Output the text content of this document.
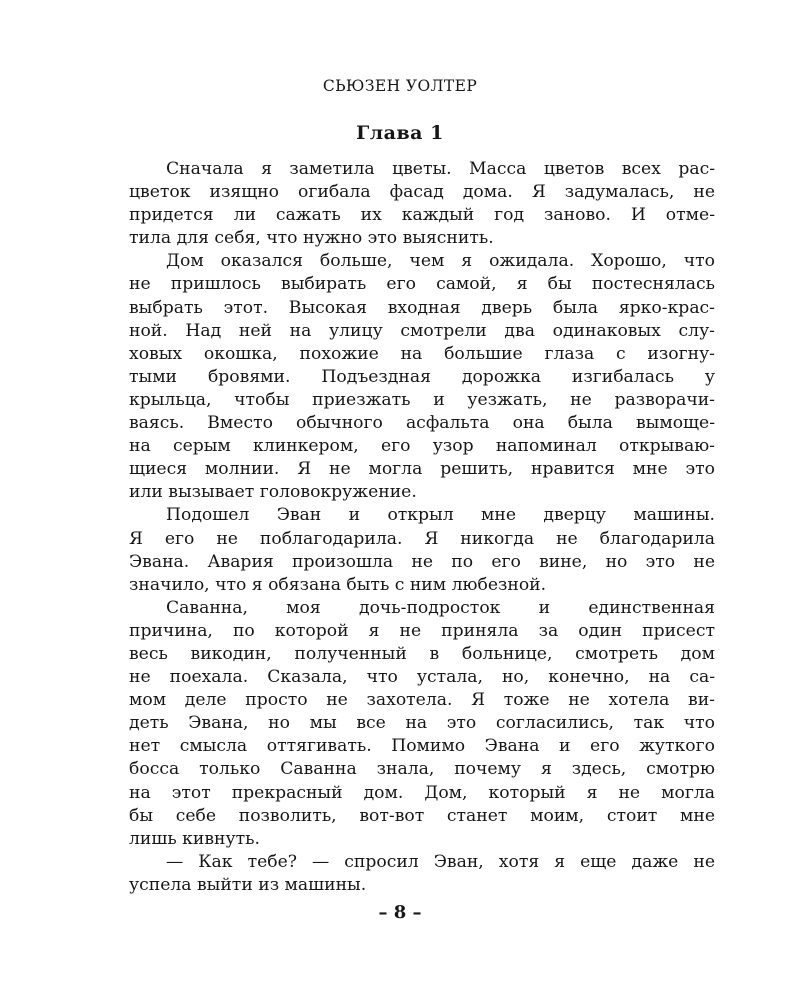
СЬЮЗЕН УОЛТЕР
Глава 1
Сначала я заметила цветы. Масса цветов всех рас-
цветок изящно огибала фасад дома. Я задумалась, не
придется ли сажать их каждый год заново. И отме-
тила для себя, что нужно это выяснить.
Дом оказался больше, чем я ожидала. Хорошо, что
не пришлось выбирать его самой, я бы постеснялась
выбрать этот. Высокая входная дверь была ярко-крас-
ной. Над ней на улицу смотрели два одинаковых слу-
ховых окошка, похожие на большие глаза с изогну-
тыми бровями. Подъездная дорожка изгибалась у
крыльца, чтобы приезжать и уезжать, не разворачи-
ваясь. Вместо обычного асфальта она была вымоще-
на серым клинкером, его узор напоминал открываю-
щиеся молнии. Я не могла решить, нравится мне это
или вызывает головокружение.
Подошел Эван и открыл мне дверцу машины.
Я его не поблагодарила. Я никогда не благодарила
Эвана. Авария произошла не по его вине, но это не
значило, что я обязана быть с ним любезной.
Саванна, моя дочь-подросток и единственная
причина, по которой я не приняла за один присест
весь викодин, полученный в больнице, смотреть дом
не поехала. Сказала, что устала, но, конечно, на са-
мом деле просто не захотела. Я тоже не хотела ви-
деть Эвана, но мы все на это согласились, так что
нет смысла оттягивать. Помимо Эвана и его жуткого
босса только Саванна знала, почему я здесь, смотрю
на этот прекрасный дом. Дом, который я не могла
бы себе позволить, вот-вот станет моим, стоит мне
лишь кивнуть.
— Как тебе? — спросил Эван, хотя я еще даже не
успела выйти из машины.
– 8 –
